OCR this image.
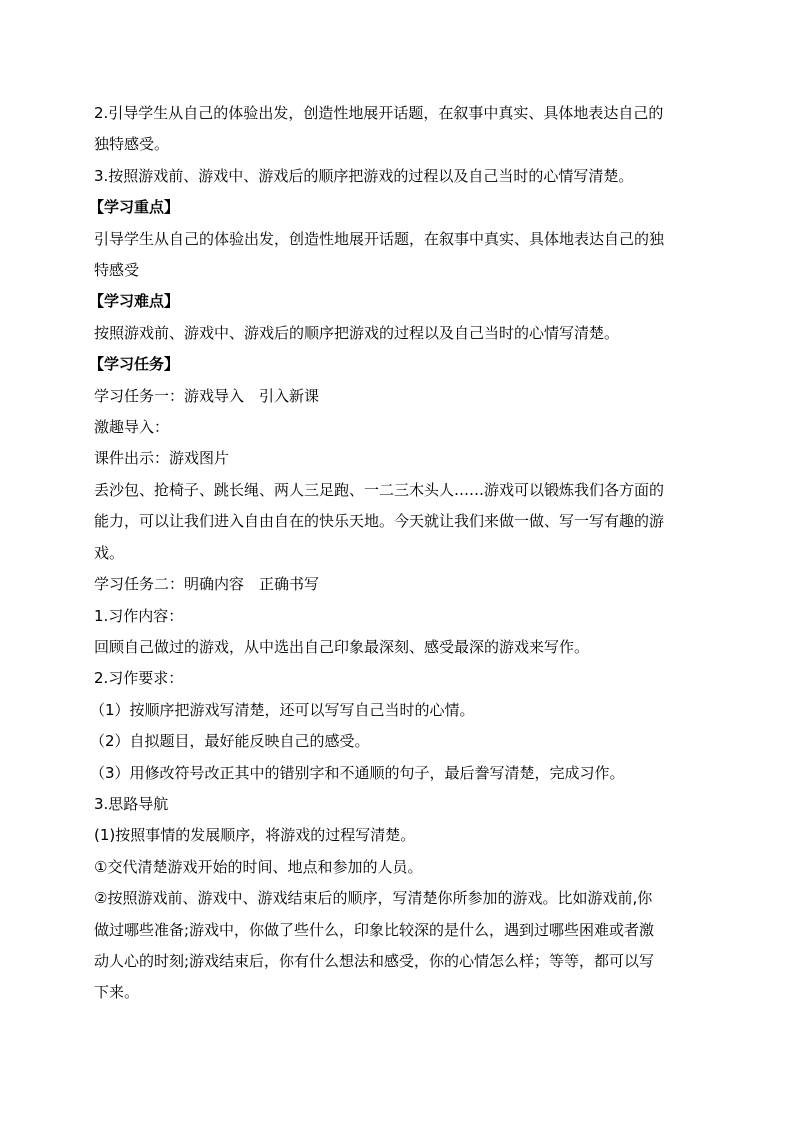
2.引导学生从自己的体验出发，创造性地展开话题，在叙事中真实、具体地表达自己的
独特感受。
3.按照游戏前、游戏中、游戏后的顺序把游戏的过程以及自己当时的心情写清楚。
【学习重点】
引导学生从自己的体验出发，创造性地展开话题，在叙事中真实、具体地表达自己的独
特感受
【学习难点】
按照游戏前、游戏中、游戏后的顺序把游戏的过程以及自己当时的心情写清楚。
【学习任务】
学习任务一：游戏导入　引入新课
激趣导入：
课件出示：游戏图片
丢沙包、抢椅子、跳长绳、两人三足跑、一二三木头人……游戏可以锻炼我们各方面的
能力，可以让我们进入自由自在的快乐天地。今天就让我们来做一做、写一写有趣的游
戏。
学习任务二：明确内容　正确书写
1.习作内容：
回顾自己做过的游戏，从中选出自己印象最深刻、感受最深的游戏来写作。
2.习作要求：
（1）按顺序把游戏写清楚，还可以写写自己当时的心情。
（2）自拟题目，最好能反映自己的感受。
（3）用修改符号改正其中的错别字和不通顺的句子，最后誊写清楚，完成习作。
3.思路导航
(1)按照事情的发展顺序，将游戏的过程写清楚。
①交代清楚游戏开始的时间、地点和参加的人员。
②按照游戏前、游戏中、游戏结束后的顺序，写清楚你所参加的游戏。比如游戏前,你
做过哪些准备;游戏中，你做了些什么，印象比较深的是什么，遇到过哪些困难或者激
动人心的时刻;游戏结束后，你有什么想法和感受，你的心情怎么样；等等，都可以写
下来。
